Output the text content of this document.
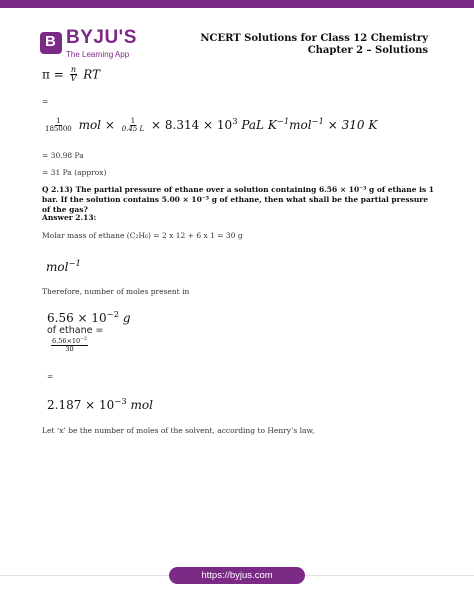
B BYJU'S
The Learning App
NCERT Solutions for Class 12 Chemistry Chapter 2 – Solutions
$\pi = \frac{n}{V}$ RT
=
$\frac{1}{185000}$ mol × $\frac{1}{0.45 L} \times 8.314 \times 10^3$ PaL $K^{-1}mol^{-1} \times 310$ K
= 30.98 Pa
= 31 Pa (approx)
Q 2.13) The partial pressure of ethane over a solution containing 6.56 × 10⁻³ g of ethane is 1 bar. If the solution contains 5.00 × 10⁻³ g of ethane, then what shall be the partial pressure of the gas?
Answer 2.13:
Molar mass of ethane (C₂H₆) = 2 x 12 + 6 x 1 = 30 g
mol$^{-1}$
Therefore, number of moles present in
$6.56 \times 10^{-2}$ g
of ethane =
$\frac{6.56\times 10^{-2}}{30}$
=
$2.187 \times 10^{-3}$ mol
Let ‘x’ be the number of moles of the solvent, according to Henry’s law,
https://byjus.com
